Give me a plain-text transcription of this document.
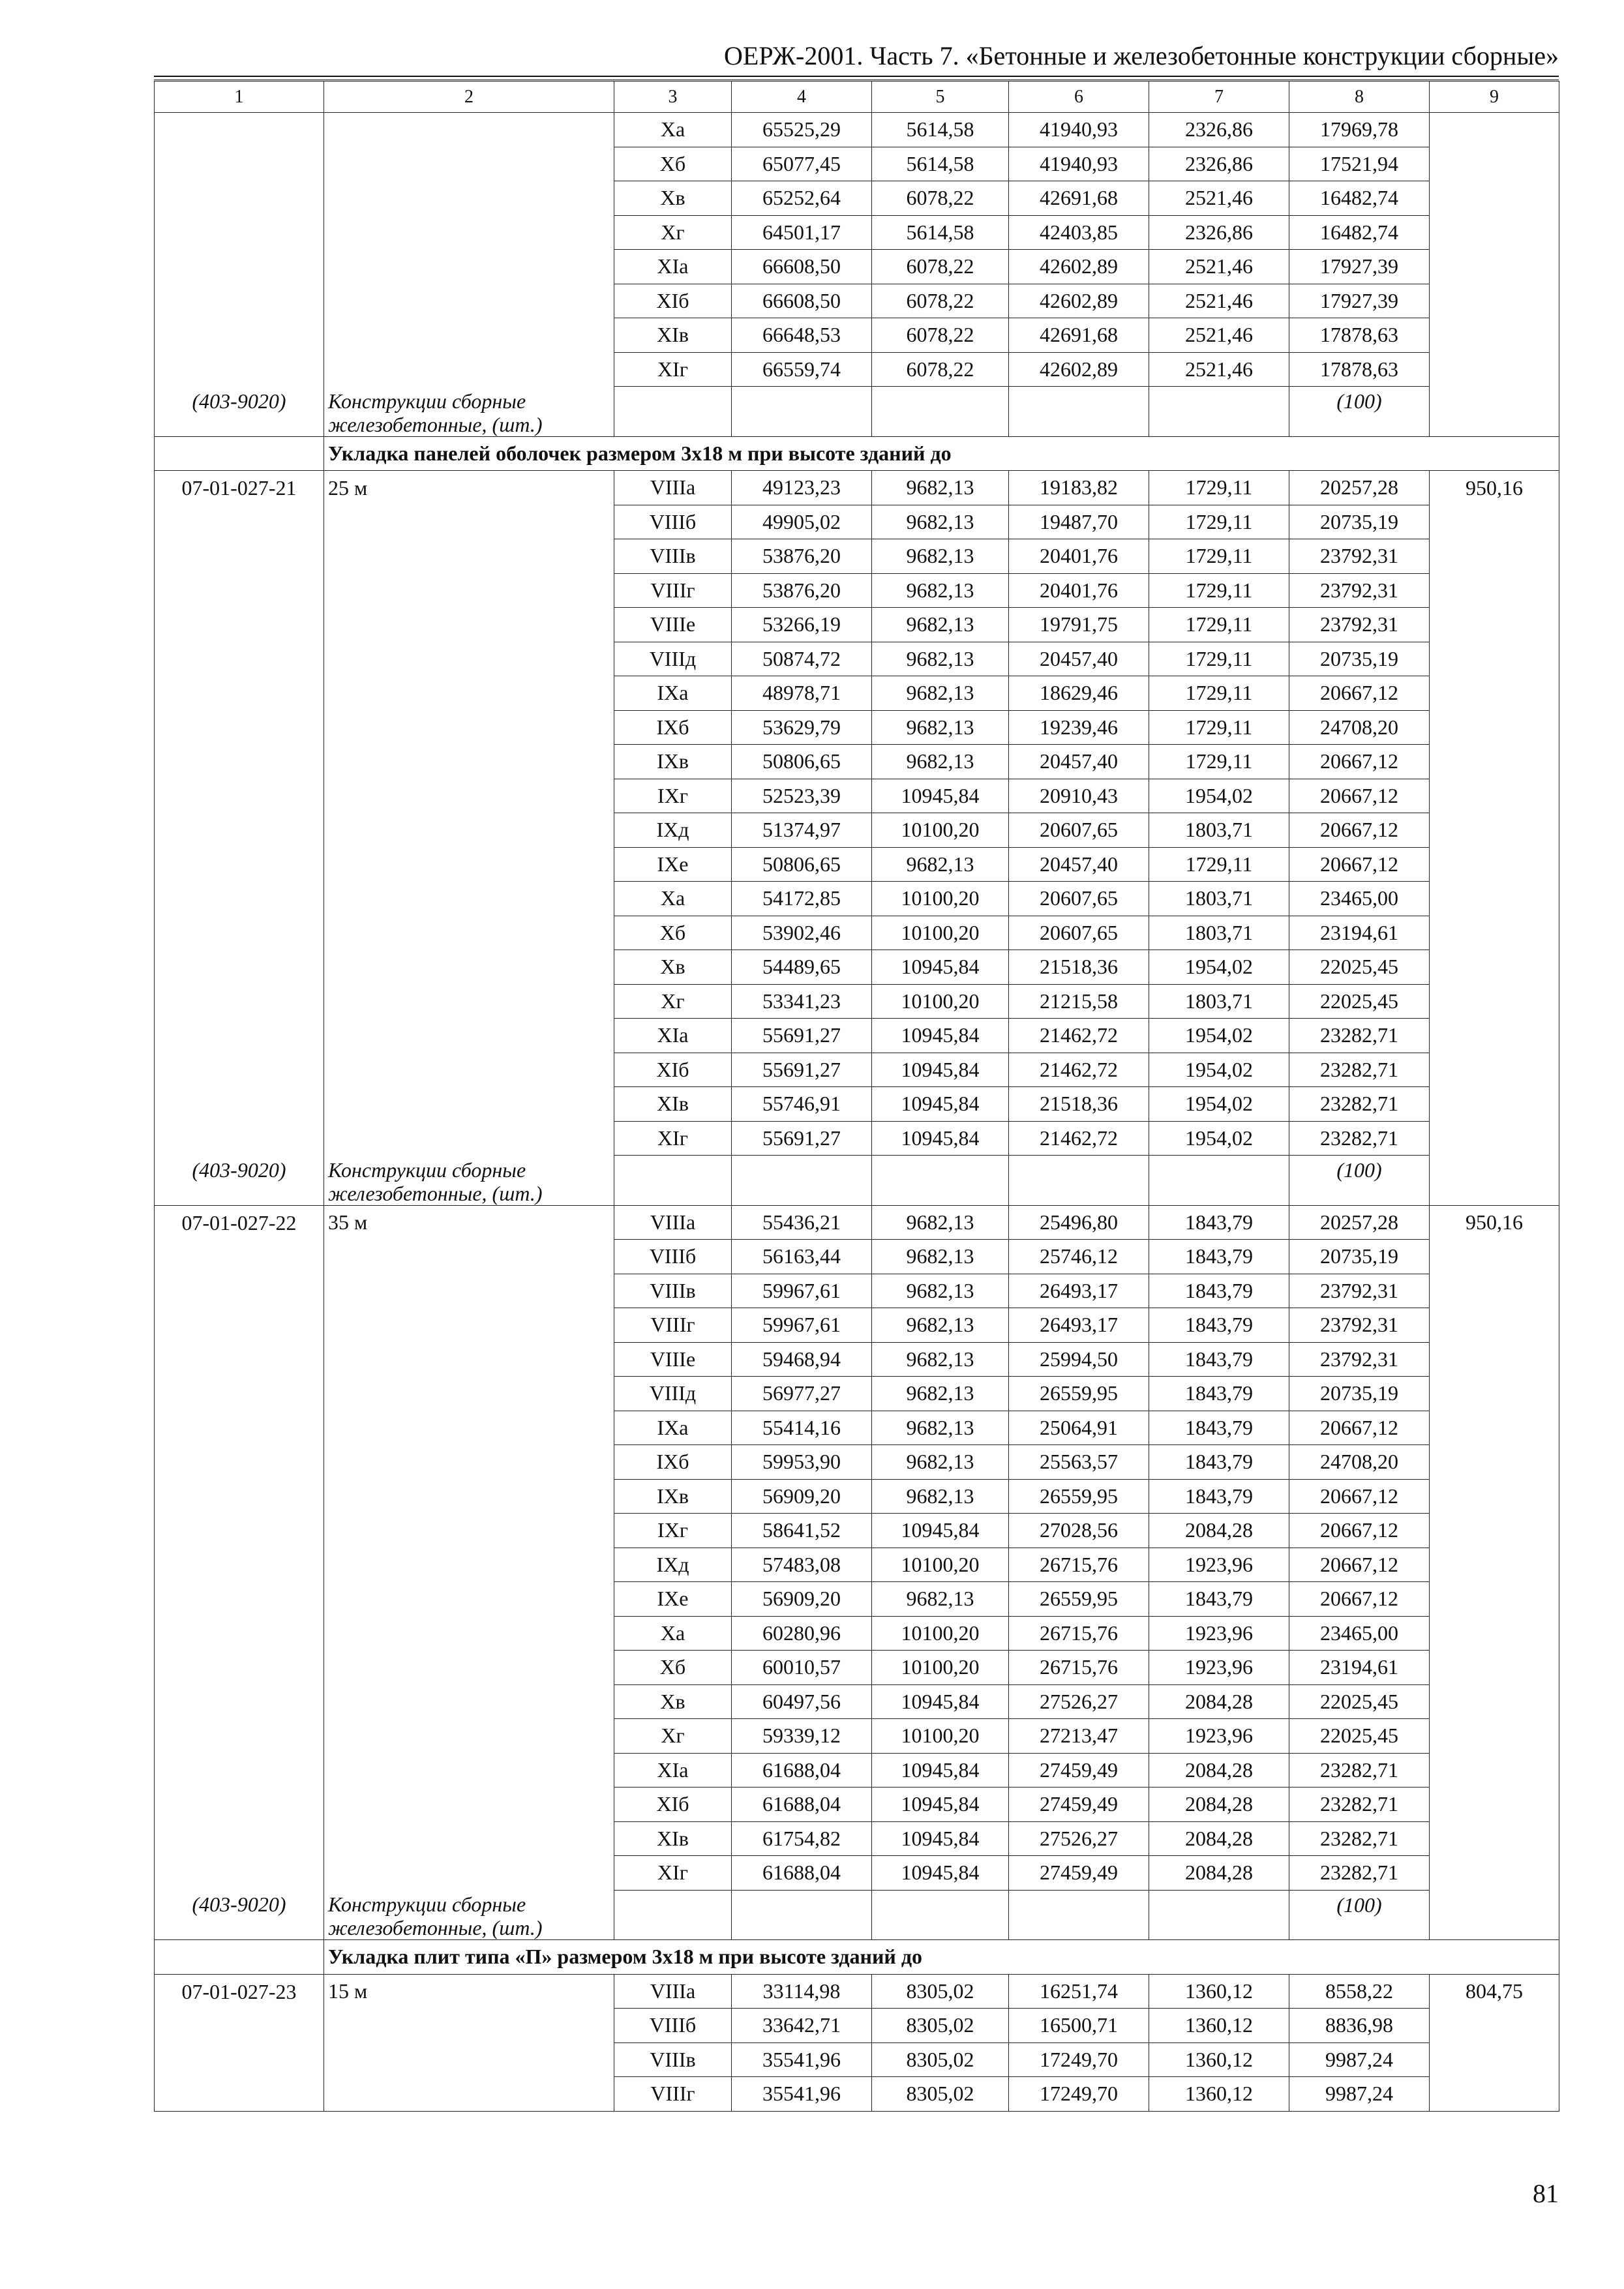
ОЕРЖ-2001. Часть 7. «Бетонные и железобетонные конструкции сборные»
1	2	3	4	5	6	7	8	9
		Xa	65525,29	5614,58	41940,93	2326,86	17969,78	
		Xб	65077,45	5614,58	41940,93	2326,86	17521,94	
		Xв	65252,64	6078,22	42691,68	2521,46	16482,74	
		Xг	64501,17	5614,58	42403,85	2326,86	16482,74	
		XIa	66608,50	6078,22	42602,89	2521,46	17927,39	
		XIб	66608,50	6078,22	42602,89	2521,46	17927,39	
		XIв	66648,53	6078,22	42691,68	2521,46	17878,63	
		XIг	66559,74	6078,22	42602,89	2521,46	17878,63	
(403-9020)	Конструкции сборные железобетонные, (шт.)						(100)	
	Укладка панелей оболочек размером 3х18 м при высоте зданий до							
07-01-027-21	25 м	VIIIa	49123,23	9682,13	19183,82	1729,11	20257,28	950,16
		VIIIб	49905,02	9682,13	19487,70	1729,11	20735,19	
		VIIIв	53876,20	9682,13	20401,76	1729,11	23792,31	
		VIIIг	53876,20	9682,13	20401,76	1729,11	23792,31	
		VIIIe	53266,19	9682,13	19791,75	1729,11	23792,31	
		VIIIд	50874,72	9682,13	20457,40	1729,11	20735,19	
		IXa	48978,71	9682,13	18629,46	1729,11	20667,12	
		IXб	53629,79	9682,13	19239,46	1729,11	24708,20	
		IXв	50806,65	9682,13	20457,40	1729,11	20667,12	
		IXг	52523,39	10945,84	20910,43	1954,02	20667,12	
		IXд	51374,97	10100,20	20607,65	1803,71	20667,12	
		IXe	50806,65	9682,13	20457,40	1729,11	20667,12	
		Xa	54172,85	10100,20	20607,65	1803,71	23465,00	
		Xб	53902,46	10100,20	20607,65	1803,71	23194,61	
		Xв	54489,65	10945,84	21518,36	1954,02	22025,45	
		Xг	53341,23	10100,20	21215,58	1803,71	22025,45	
		XIa	55691,27	10945,84	21462,72	1954,02	23282,71	
		XIб	55691,27	10945,84	21462,72	1954,02	23282,71	
		XIв	55746,91	10945,84	21518,36	1954,02	23282,71	
		XIг	55691,27	10945,84	21462,72	1954,02	23282,71	
(403-9020)	Конструкции сборные железобетонные, (шт.)						(100)	
07-01-027-22	35 м	VIIIa	55436,21	9682,13	25496,80	1843,79	20257,28	950,16
		VIIIб	56163,44	9682,13	25746,12	1843,79	20735,19	
		VIIIв	59967,61	9682,13	26493,17	1843,79	23792,31	
		VIIIг	59967,61	9682,13	26493,17	1843,79	23792,31	
		VIIIe	59468,94	9682,13	25994,50	1843,79	23792,31	
		VIIIд	56977,27	9682,13	26559,95	1843,79	20735,19	
		IXa	55414,16	9682,13	25064,91	1843,79	20667,12	
		IXб	59953,90	9682,13	25563,57	1843,79	24708,20	
		IXв	56909,20	9682,13	26559,95	1843,79	20667,12	
		IXг	58641,52	10945,84	27028,56	2084,28	20667,12	
		IXд	57483,08	10100,20	26715,76	1923,96	20667,12	
		IXe	56909,20	9682,13	26559,95	1843,79	20667,12	
		Xa	60280,96	10100,20	26715,76	1923,96	23465,00	
		Xб	60010,57	10100,20	26715,76	1923,96	23194,61	
		Xв	60497,56	10945,84	27526,27	2084,28	22025,45	
		Xг	59339,12	10100,20	27213,47	1923,96	22025,45	
		XIa	61688,04	10945,84	27459,49	2084,28	23282,71	
		XIб	61688,04	10945,84	27459,49	2084,28	23282,71	
		XIв	61754,82	10945,84	27526,27	2084,28	23282,71	
		XIг	61688,04	10945,84	27459,49	2084,28	23282,71	
(403-9020)	Конструкции сборные железобетонные, (шт.)						(100)	
	Укладка плит типа «П» размером 3х18 м при высоте зданий до							
07-01-027-23	15 м	VIIIa	33114,98	8305,02	16251,74	1360,12	8558,22	804,75
		VIIIб	33642,71	8305,02	16500,71	1360,12	8836,98	
		VIIIв	35541,96	8305,02	17249,70	1360,12	9987,24	
		VIIIг	35541,96	8305,02	17249,70	1360,12	9987,24	
81
